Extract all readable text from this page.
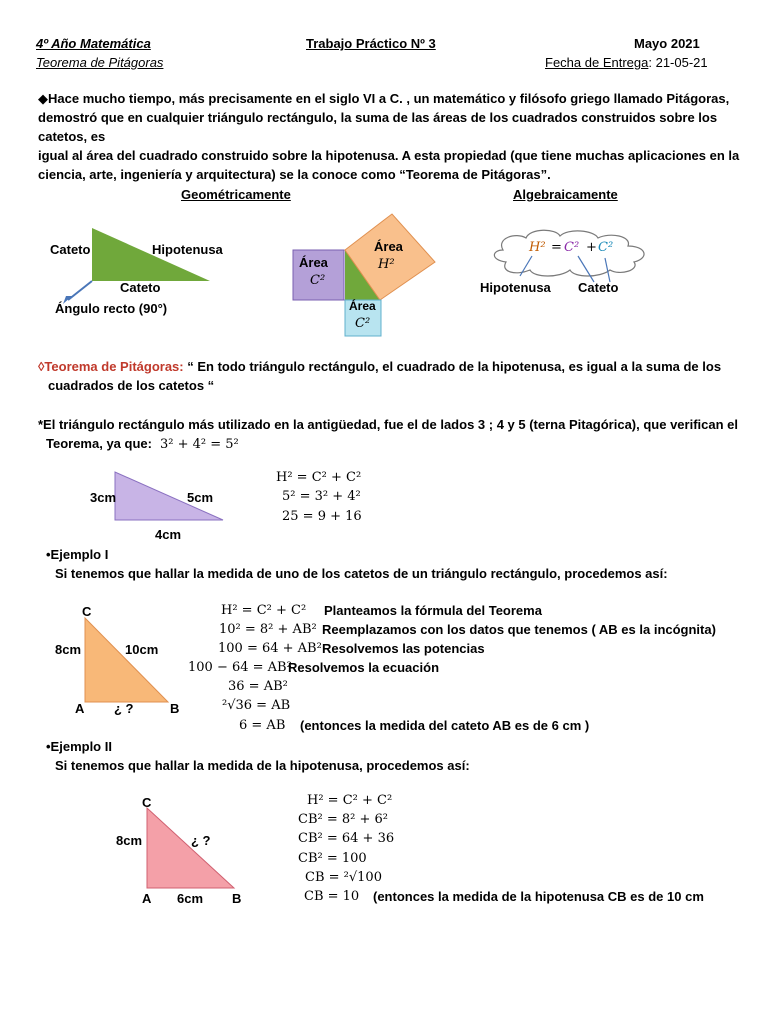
4º Año Matemática	Trabajo Práctico Nº 3	Mayo 2021
Teorema de Pitágoras	Fecha de Entrega: 21-05-21
◆Hace mucho tiempo, más precisamente en el siglo VI a C. , un matemático y filósofo griego llamado Pitágoras,
demostró que en cualquier triángulo rectángulo, la suma de las áreas de los cuadrados construidos sobre los catetos, es
igual al área del cuadrado construido sobre la hipotenusa. A esta propiedad (que tiene muchas aplicaciones en la
ciencia, arte, ingeniería y arquitectura) se la conoce como “Teorema de Pitágoras”.
Geométricamente	Algebraicamente
Cateto	Hipotenusa
Cateto
Ángulo recto (90°)
Área
C²
Área
H²
Área
C²
H² = C² + C²
Hipotenusa Cateto
◊Teorema de Pitágoras: “ En todo triángulo rectángulo, el cuadrado de la hipotenusa, es igual a la suma de los
cuadrados de los catetos “
*El triángulo rectángulo más utilizado en la antigüedad, fue el de lados 3 ; 4 y 5 (terna Pitagórica), que verifican el
Teorema, ya que: 3² + 4² = 5²
3cm	5cm
4cm
H² = C² + C²
5² = 3² + 4²
25 = 9 + 16
•Ejemplo I
Si tenemos que hallar la medida de uno de los catetos de un triángulo rectángulo, procedemos así:
C
8cm	10cm
A ¿ ?	B
H² = C² + C² Planteamos la fórmula del Teorema
10² = 8² + AB² Reemplazamos con los datos que tenemos ( AB es la incógnita)
100 = 64 + AB² Resolvemos las potencias
100 − 64 = AB²
Resolvemos la ecuación
36 = AB²
²√36 = AB
6 = AB (entonces la medida del cateto AB es de 6 cm )
•Ejemplo II
Si tenemos que hallar la medida de la hipotenusa, procedemos así:
C
8cm	¿ ?
A 6cm B
H² = C² + C²
CB² = 8² + 6²
CB² = 64 + 36
CB² = 100
CB = ²√100
CB = 10 (entonces la medida de la hipotenusa CB es de 10 cm
